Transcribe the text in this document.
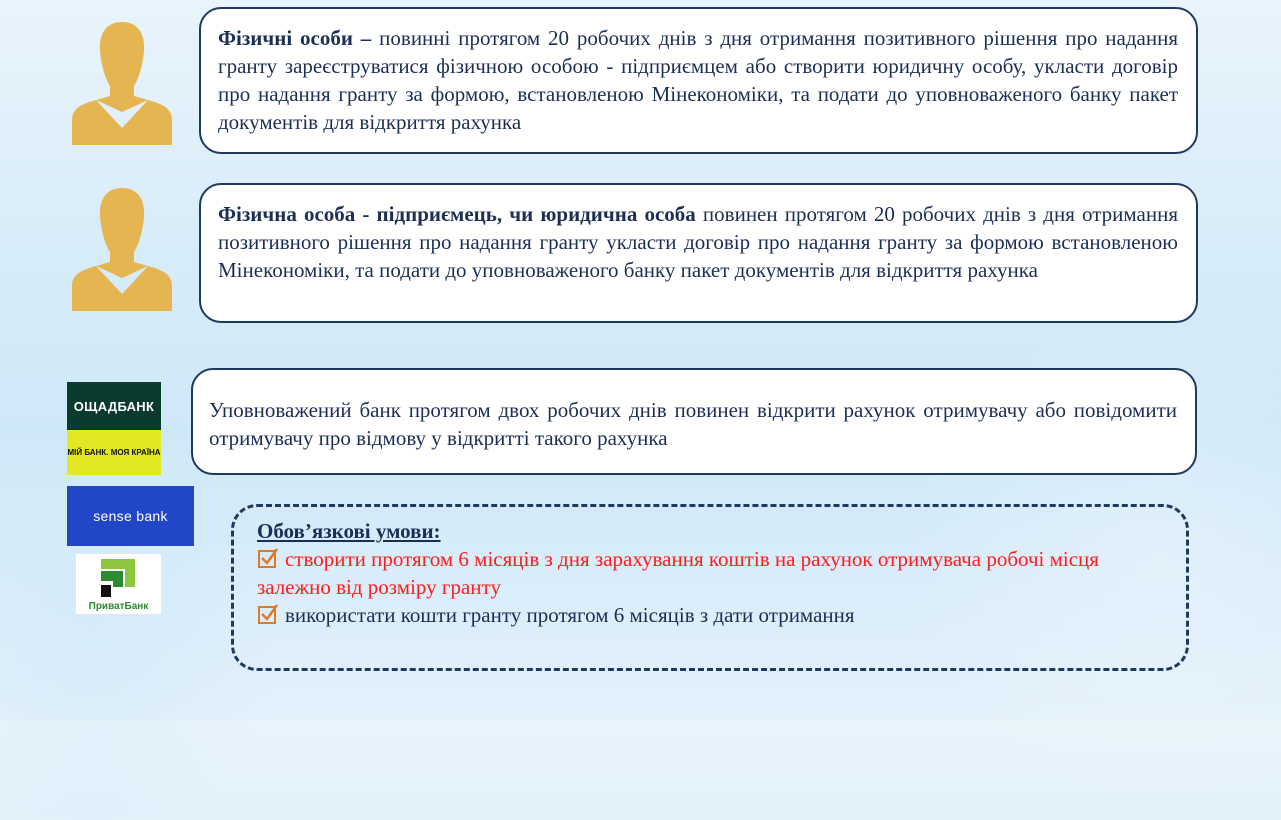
Фізичні особи – повинні протягом 20 робочих днів з дня отримання позитивного рішення про надання гранту зареєструватися фізичною особою - підприємцем або створити юридичну особу, укласти договір про надання гранту за формою, встановленою Мінекономіки, та подати до уповноваженого банку пакет документів для відкриття рахунка
Фізична особа - підприємець, чи юридична особа повинен протягом 20 робочих днів з дня отримання позитивного рішення про надання гранту укласти договір про надання гранту за формою встановленою Мінекономіки, та подати до уповноваженого банку пакет документів для відкриття рахунка
Уповноважений банк протягом двох робочих днів повинен відкрити рахунок отримувачу або повідомити отримувачу про відмову у відкритті такого рахунка
ОЩАДБАНК
МІЙ БАНК. МОЯ КРАЇНА
sense bank
ПриватБанк
Обов’язкові умови:
створити протягом 6 місяців з дня зарахування коштів на рахунок отримувача робочі місця залежно від розміру гранту
використати кошти гранту протягом 6 місяців з дати отримання
